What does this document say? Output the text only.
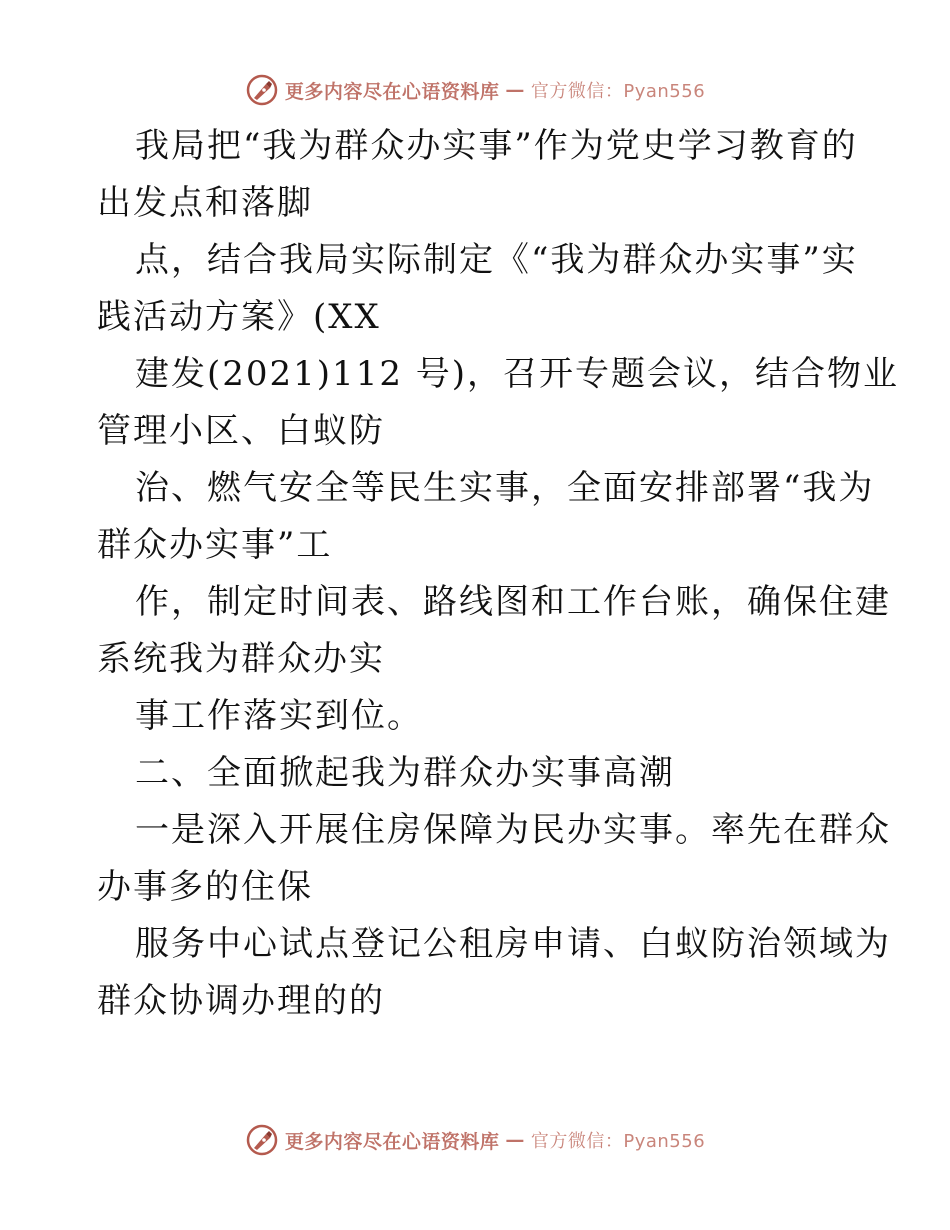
更多内容尽在心语资料库 — 官方微信：Pyan556
我局把“我为群众办实事”作为党史学习教育的
出发点和落脚
点，结合我局实际制定《“我为群众办实事”实
践活动方案》(XX
建发(2021)112 号)，召开专题会议，结合物业
管理小区、白蚁防
治、燃气安全等民生实事，全面安排部署“我为
群众办实事”工
作，制定时间表、路线图和工作台账，确保住建
系统我为群众办实
事工作落实到位。
二、全面掀起我为群众办实事高潮
一是深入开展住房保障为民办实事。率先在群众
办事多的住保
服务中心试点登记公租房申请、白蚁防治领域为
群众协调办理的的
更多内容尽在心语资料库 — 官方微信：Pyan556
